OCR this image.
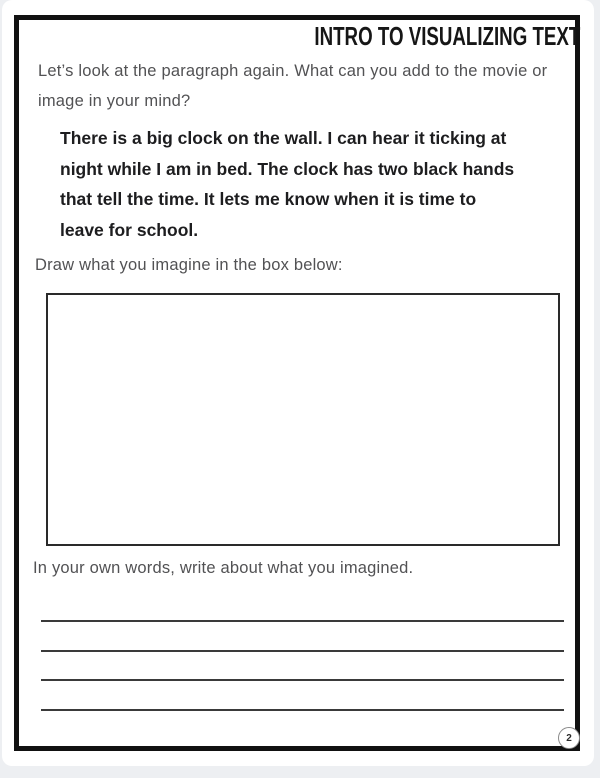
INTRO TO VISUALIZING TEXT
Let’s look at the paragraph again. What can you add to the movie or
image in your mind?
There is a big clock on the wall. I can hear it ticking at
night while I am in bed. The clock has two black hands
that tell the time. It lets me know when it is time to
leave for school.
Draw what you imagine in the box below:
In your own words, write about what you imagined.
2
